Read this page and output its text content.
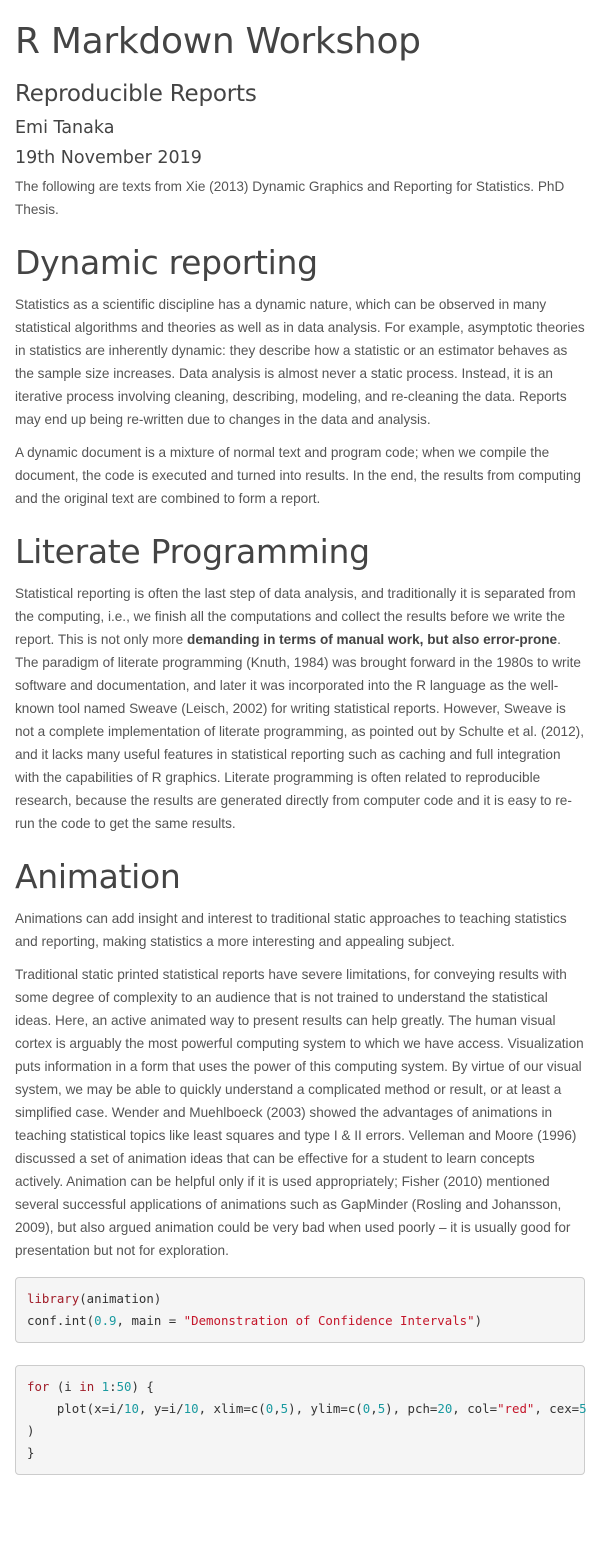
R Markdown Workshop
Reproducible Reports
Emi Tanaka
19th November 2019

The following are texts from Xie (2013) Dynamic Graphics and Reporting for Statistics. PhD Thesis.

Dynamic reporting

Statistics as a scientific discipline has a dynamic nature, which can be observed in many statistical algorithms and theories as well as in data analysis. For example, asymptotic theories in statistics are inherently dynamic: they describe how a statistic or an estimator behaves as the sample size increases. Data analysis is almost never a static process. Instead, it is an iterative process involving cleaning, describing, modeling, and re-cleaning the data. Reports may end up being re-written due to changes in the data and analysis.

A dynamic document is a mixture of normal text and program code; when we compile the document, the code is executed and turned into results. In the end, the results from computing and the original text are combined to form a report.

Literate Programming

Statistical reporting is often the last step of data analysis, and traditionally it is separated from the computing, i.e., we finish all the computations and collect the results before we write the report. This is not only more demanding in terms of manual work, but also error-prone. The paradigm of literate programming (Knuth, 1984) was brought forward in the 1980s to write software and documentation, and later it was incorporated into the R language as the well-known tool named Sweave (Leisch, 2002) for writing statistical reports. However, Sweave is not a complete implementation of literate programming, as pointed out by Schulte et al. (2012), and it lacks many useful features in statistical reporting such as caching and full integration with the capabilities of R graphics. Literate programming is often related to reproducible research, because the results are generated directly from computer code and it is easy to re-run the code to get the same results.

Animation

Animations can add insight and interest to traditional static approaches to teaching statistics and reporting, making statistics a more interesting and appealing subject.

Traditional static printed statistical reports have severe limitations, for conveying results with some degree of complexity to an audience that is not trained to understand the statistical ideas. Here, an active animated way to present results can help greatly. The human visual cortex is arguably the most powerful computing system to which we have access. Visualization puts information in a form that uses the power of this computing system. By virtue of our visual system, we may be able to quickly understand a complicated method or result, or at least a simplified case. Wender and Muehlboeck (2003) showed the advantages of animations in teaching statistical topics like least squares and type I & II errors. Velleman and Moore (1996) discussed a set of animation ideas that can be effective for a student to learn concepts actively. Animation can be helpful only if it is used appropriately; Fisher (2010) mentioned several successful applications of animations such as GapMinder (Rosling and Johansson, 2009), but also argued animation could be very bad when used poorly – it is usually good for presentation but not for exploration.

library(animation)
conf.int(0.9, main = "Demonstration of Confidence Intervals")
for (i in 1:50) {
plot(x=i/10, y=i/10, xlim=c(0,5), ylim=c(0,5), pch=20, col="red", cex=5
)
}
